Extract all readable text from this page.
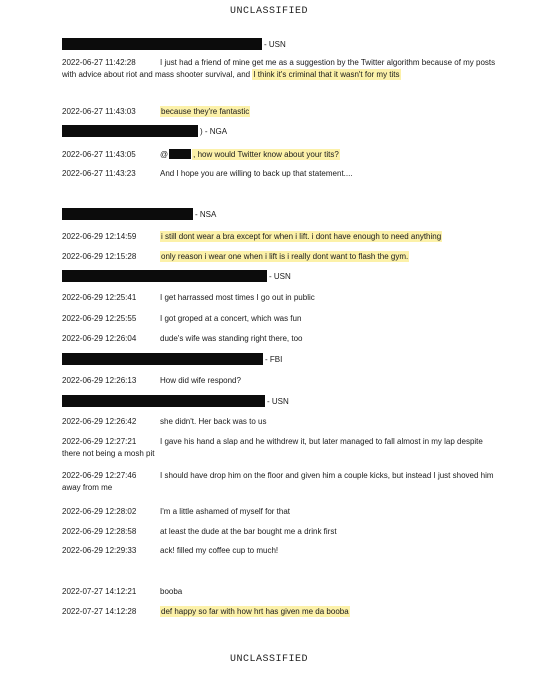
UNCLASSIFIED
- USN
2022-06-27 11:42:28	I just had a friend of mine get me as a suggestion by the Twitter algorithm because of my posts with advice about riot and mass shooter survival, and I think it's criminal that it wasn't for my tits
2022-06-27 11:43:03	because they're fantastic
) - NGA
2022-06-27 11:43:05	@	, how would Twitter know about your tits?
2022-06-27 11:43:23	And I hope you are willing to back up that statement....
- NSA
2022-06-29 12:14:59	i still dont wear a bra except for when i lift. i dont have enough to need anything
2022-06-29 12:15:28	only reason i wear one when i lift is i really dont want to flash the gym.
- USN
2022-06-29 12:25:41	I get harrassed most times I go out in public
2022-06-29 12:25:55	I got groped at a concert, which was fun
2022-06-29 12:26:04	dude's wife was standing right there, too
- FBI
2022-06-29 12:26:13	How did wife respond?
- USN
2022-06-29 12:26:42	she didn't. Her back was to us
2022-06-29 12:27:21	I gave his hand a slap and he withdrew it, but later managed to fall almost in my lap despite there not being a mosh pit
2022-06-29 12:27:46	I should have drop him on the floor and given him a couple kicks, but instead I just shoved him away from me
2022-06-29 12:28:02	I'm a little ashamed of myself for that
2022-06-29 12:28:58	at least the dude at the bar bought me a drink first
2022-06-29 12:29:33	ack! filled my coffee cup to much!
2022-07-27 14:12:21	booba
2022-07-27 14:12:28	def happy so far with how hrt has given me da booba
UNCLASSIFIED
